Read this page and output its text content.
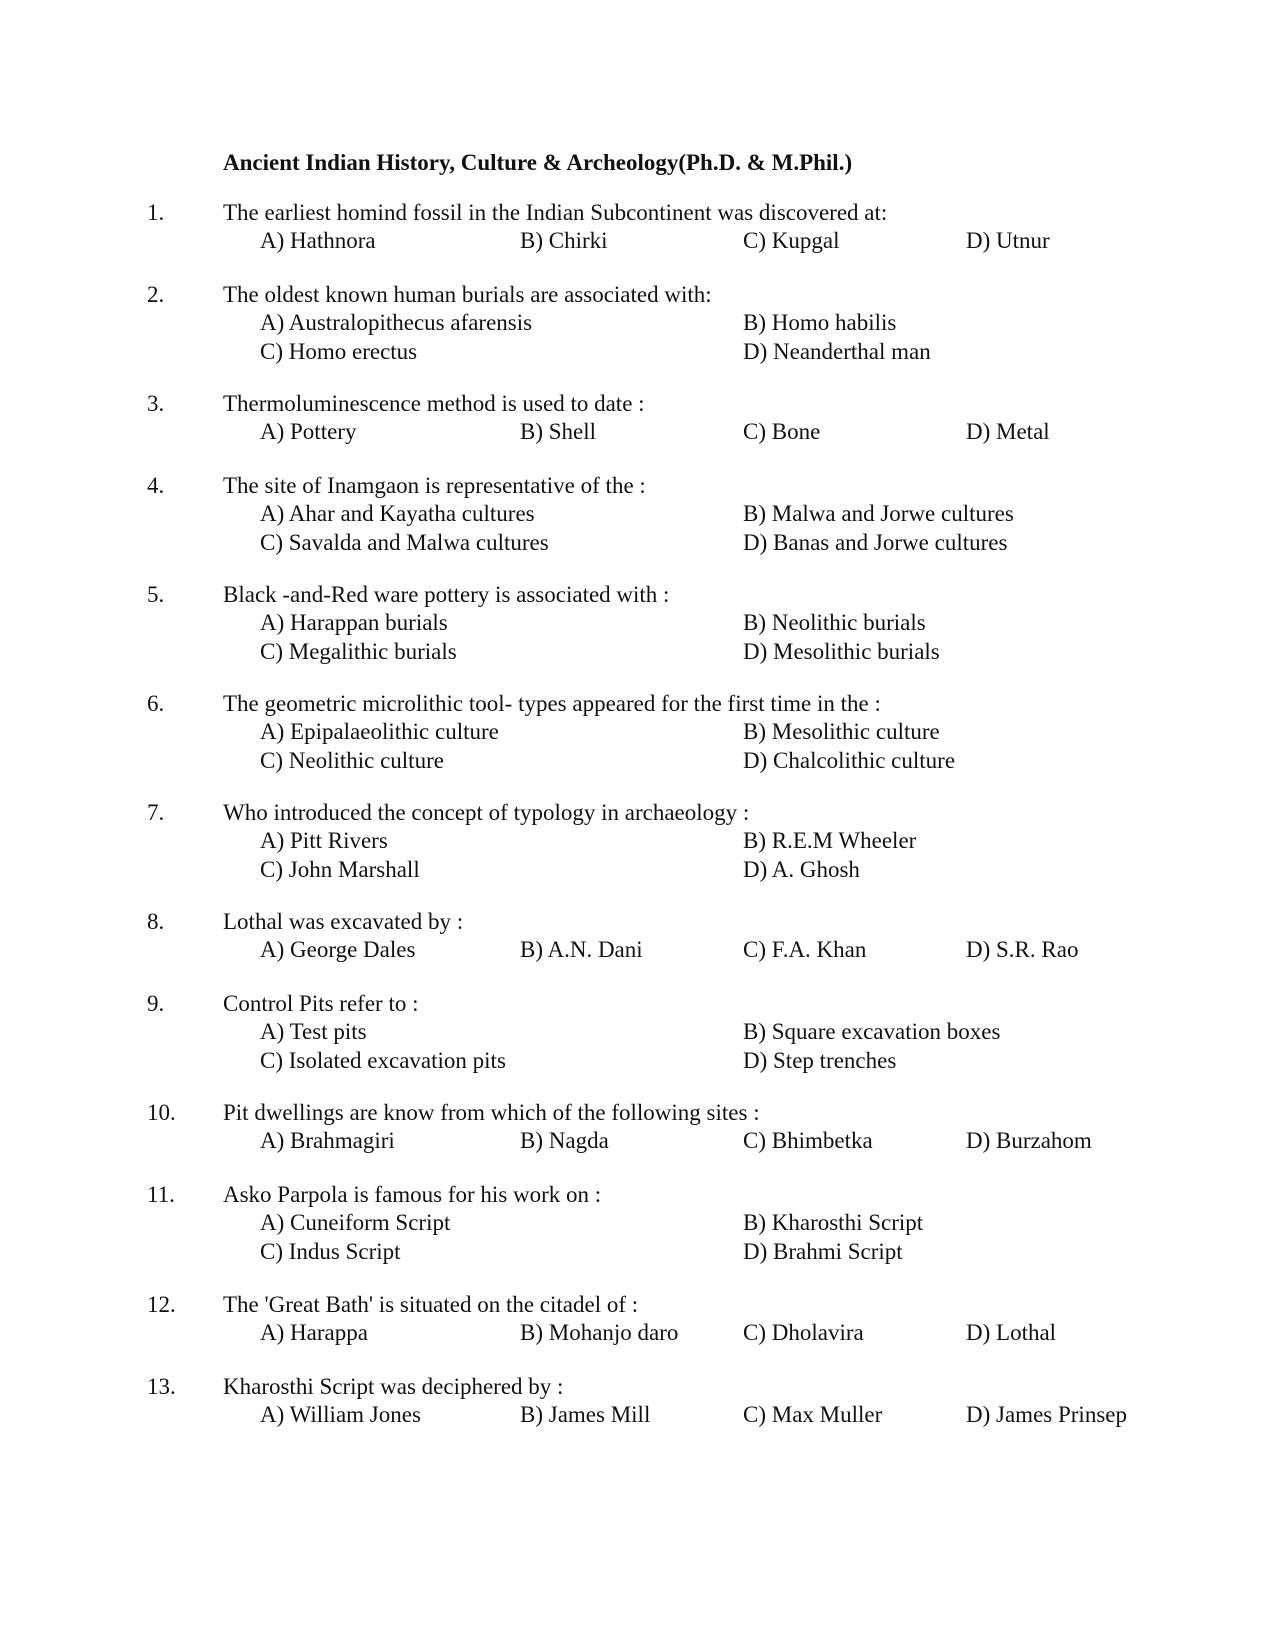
Ancient Indian History, Culture & Archeology(Ph.D. & M.Phil.)
1.	The earliest homind fossil in the Indian Subcontinent was discovered at:
A) Hathnora	B) Chirki	C) Kupgal	D) Utnur
2.	The oldest known human burials are associated with:
A) Australopithecus afarensis	B) Homo habilis
C) Homo erectus	D) Neanderthal man
3.	Thermoluminescence method is used to date :
A) Pottery	B) Shell	C) Bone	D) Metal
4.	The site of Inamgaon is representative of the :
A) Ahar and Kayatha cultures	B) Malwa and Jorwe cultures
C) Savalda and Malwa cultures	D) Banas and Jorwe cultures
5.	Black -and-Red ware pottery is associated with :
A) Harappan burials	B) Neolithic burials
C) Megalithic burials	D) Mesolithic burials
6.	The geometric microlithic tool- types appeared for the first time in the :
A) Epipalaeolithic culture	B) Mesolithic culture
C) Neolithic culture	D) Chalcolithic culture
7.	Who introduced the concept of typology in archaeology :
A) Pitt Rivers	B) R.E.M Wheeler
C) John Marshall	D) A. Ghosh
8.	Lothal was excavated by :
A) George Dales	B) A.N. Dani	C) F.A. Khan	D) S.R. Rao
9.	Control Pits refer to :
A) Test pits	B) Square excavation boxes
C) Isolated excavation pits	D) Step trenches
10. Pit dwellings are know from which of the following sites :
A) Brahmagiri	B) Nagda	C) Bhimbetka	D) Burzahom
11. Asko Parpola is famous for his work on :
A) Cuneiform Script	B) Kharosthi Script
C) Indus Script	D) Brahmi Script
12. The 'Great Bath' is situated on the citadel of :
A) Harappa	B) Mohanjo daro	C) Dholavira	D) Lothal
13. Kharosthi Script was deciphered by :
A) William Jones	B) James Mill	C) Max Muller	D) James Prinsep
